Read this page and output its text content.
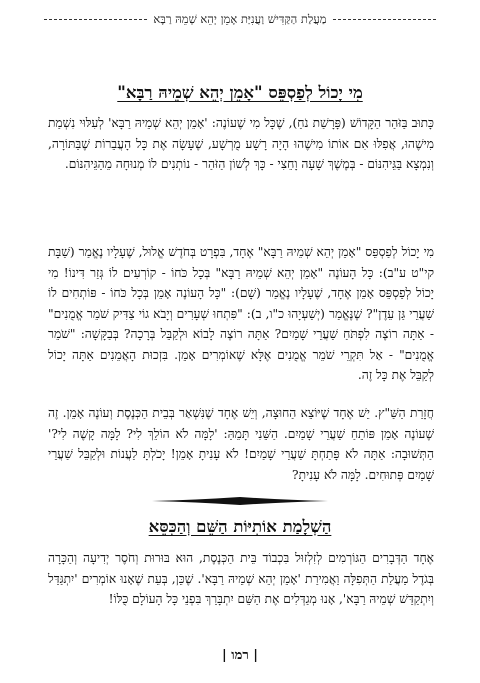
מַעֲלַת הַקַּדִּישׁ וַעֲנִיַּת אָמֵן יְהֵא שְׁמֵהּ רַבָּא
מִי יָכוֹל לְפַסְפֵּס "אָמֵן יְהֵא שְׁמֵיהּ רַבָּא"

כָּתוּב בַּזֹּהַר הַקָּדוֹשׁ (פָּרָשַׁת נֹחַ), שֶׁכָּל מִי שֶׁעוֹנֶה: 'אָמֵן יְהֵא שְׁמֵיהּ רַבָּא' לְעִלּוּי נִשְׁמַת מִישֶׁהוּ, אֲפִלּוּ אִם אוֹתוֹ מִישֶׁהוּ הָיָה רָשָׁע מֻרְשָׁע, שֶׁעָשָׂה אֶת כָּל הָעֲבֵרוֹת שֶׁבַּתּוֹרָה, וְנִמְצָא בַּגֵּיהִנּוֹם - בְּמֶשֶׁךְ שָׁעָה וָחֵצִי - כָּךְ לְשׁוֹן הַזֹּהַר - נוֹתְנִים לוֹ מְנוּחָה מֵהַגֵּיהִנּוֹם.

מִי יָכוֹל לְפַסְפֵּס "אָמֵן יְהֵא שְׁמֵיהּ רַבָּא" אֶחָד, בִּפְרָט בְּחֹדֶשׁ אֱלוּל, שֶׁעָלָיו נֶאֱמַר (שַׁבָּת קי"ט ע"ב): כָּל הָעוֹנֶה "אָמֵן יְהֵא שְׁמֵיהּ רַבָּא" בְּכָל כֹּחוֹ - קוֹרְעִים לוֹ גְּזַר דִּינוֹ! מִי יָכוֹל לְפַסְפֵּס אָמֵן אֶחָד, שֶׁעָלָיו נֶאֱמַר (שָׁם): "כָּל הָעוֹנֶה אָמֵן בְּכָל כֹּחוֹ - פּוֹתְחִים לוֹ שַׁעֲרֵי גַּן עֵדֶן"? שֶׁנֶּאֱמַר (יְשַׁעְיָהוּ כ"ו, ב): "פִּתְחוּ שְׁעָרִים וְיָבֹא גוֹי צַדִּיק שֹׁמֵר אֱמֻנִים" - אַתָּה רוֹצֶה לִפְתֹּחַ שַׁעֲרֵי שָׁמַיִם? אַתָּה רוֹצֶה לָבוֹא וּלְקַבֵּל בְּרָכָה? בְּבַקָּשָׁה: "שֹׁמֵר אֱמֻנִים" - אַל תִּקְרֵי שֹׁמֵר אֱמֻנִים אֶלָּא שֶׁאוֹמְרִים אָמֵן. בִּזְכוּת הָאֲמֵנִים אַתָּה יָכוֹל לְקַבֵּל אֶת כָּל זֶה.

חֲזָרַת הַשַּׁ"ץ. יֵשׁ אֶחָד שֶׁיּוֹצֵא הַחוּצָה, וְיֵשׁ אֶחָד שֶׁנִּשְׁאַר בְּבֵית הַכְּנֶסֶת וְעוֹנֶה אָמֵן. זֶה שֶׁעוֹנֶה אָמֵן פּוֹתֵחַ שַׁעֲרֵי שָׁמַיִם. הַשֵּׁנִי תָּמֵהַּ: 'לָמָּה לֹא הוֹלֵךְ לִי? לָמָּה קָשֶׁה לִי?' הַתְּשׁוּבָה: אַתָּה לֹא פָּתַחְתָּ שַׁעֲרֵי שָׁמַיִם! לֹא עָנִיתָ אָמֵן! יָכֹלְתָּ לַעֲנוֹת וּלְקַבֵּל שַׁעֲרֵי שָׁמַיִם פְּתוּחִים. לָמָּה לֹא עָנִיתָ?

הַשְׁלָמַת אוֹתִיּוֹת הַשֵּׁם וְהַכִּסֵּא

אֶחָד הַדְּבָרִים הַגּוֹרְמִים לְזִלְזוּל בִּכְבוֹד בֵּית הַכְּנֶסֶת, הוּא בּוּרוּת וְחֹסֶר יְדִיעָה וְהַכָּרָה בְּגֹדֶל מַעֲלַת הַתְּפִלָּה וַאֲמִירַת 'אָמֵן יְהֵא שְׁמֵיהּ רַבָּא'. שֶׁכֵּן, בְּעֵת שֶׁאָנוּ אוֹמְרִים 'יִתְגַּדַּל וְיִתְקַדַּשׁ שְׁמֵיהּ רַבָּא', אָנוּ מְגַדְּלִים אֶת הַשֵּׁם יִתְבָּרַךְ בִּפְנֵי כָּל הָעוֹלָם כֻּלּוֹ!

| רמו |
